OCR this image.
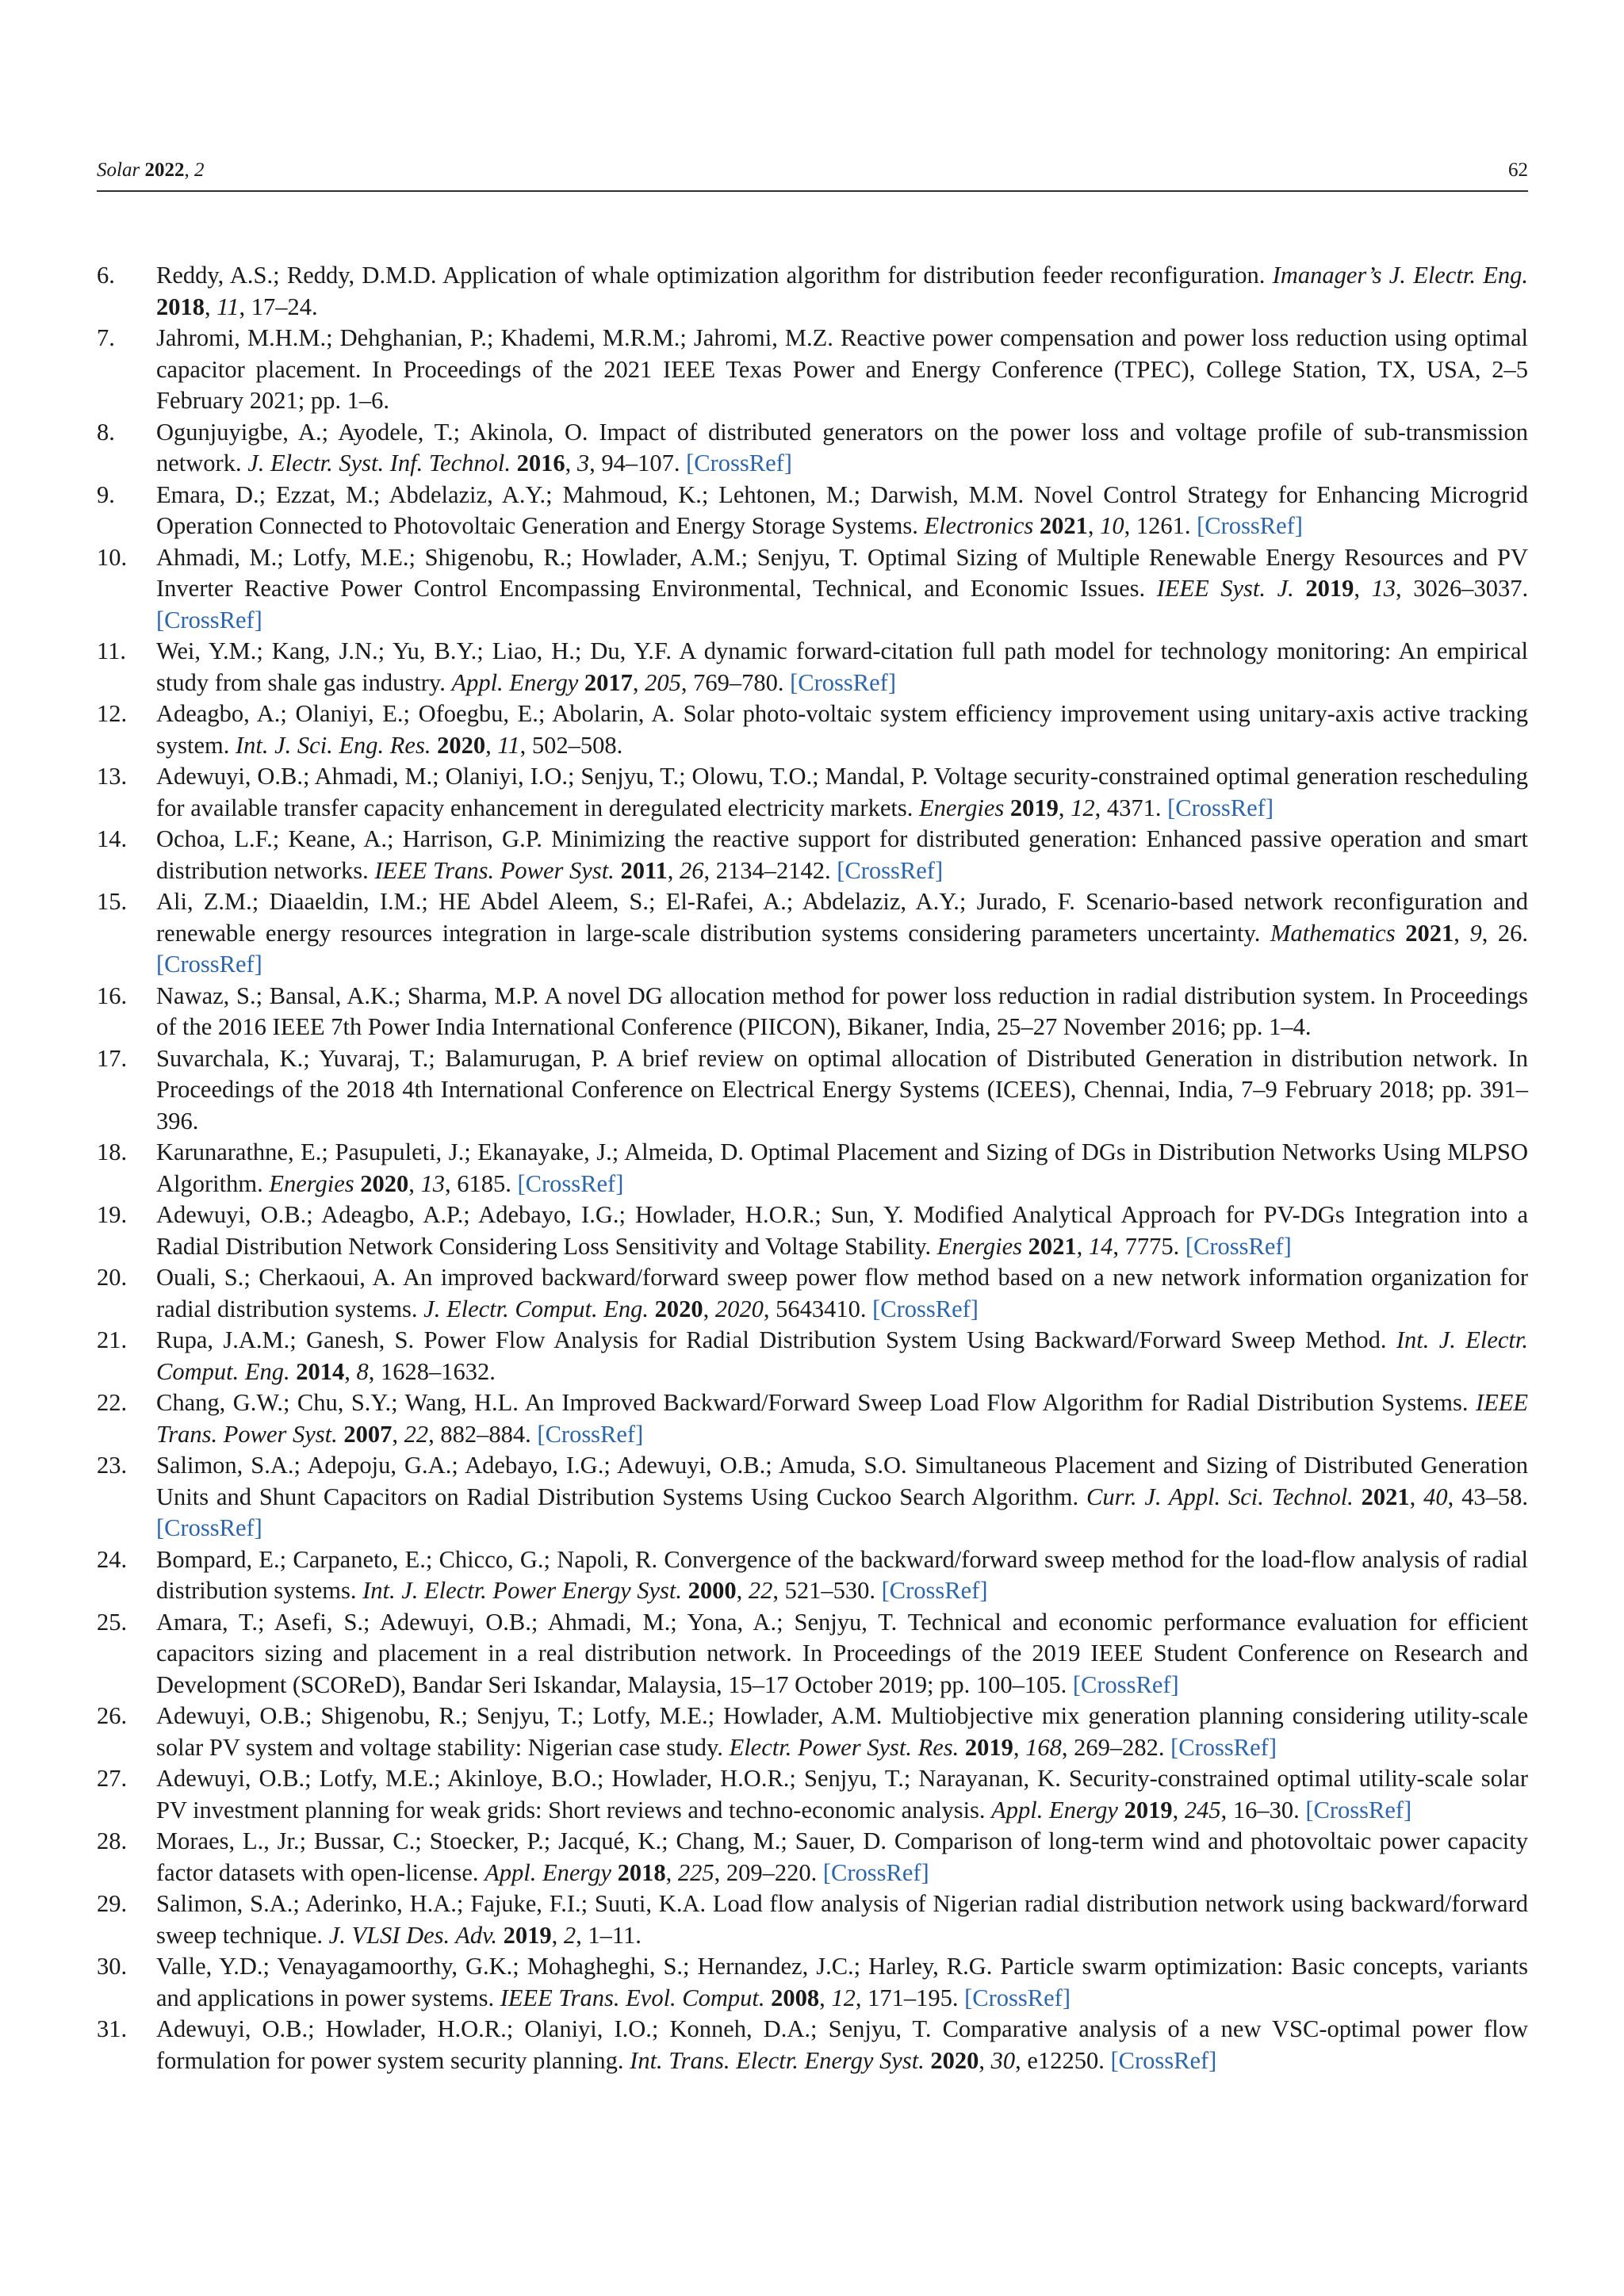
Solar 2022, 2	62
6.	Reddy, A.S.; Reddy, D.M.D. Application of whale optimization algorithm for distribution feeder reconfiguration. Imanager’s J. Electr. Eng. 2018, 11, 17–24.
7.	Jahromi, M.H.M.; Dehghanian, P.; Khademi, M.R.M.; Jahromi, M.Z. Reactive power compensation and power loss reduction using optimal capacitor placement. In Proceedings of the 2021 IEEE Texas Power and Energy Conference (TPEC), College Station, TX, USA, 2–5 February 2021; pp. 1–6.
8.	Ogunjuyigbe, A.; Ayodele, T.; Akinola, O. Impact of distributed generators on the power loss and voltage profile of sub-transmission network. J. Electr. Syst. Inf. Technol. 2016, 3, 94–107. [CrossRef]
9.	Emara, D.; Ezzat, M.; Abdelaziz, A.Y.; Mahmoud, K.; Lehtonen, M.; Darwish, M.M. Novel Control Strategy for Enhancing Microgrid Operation Connected to Photovoltaic Generation and Energy Storage Systems. Electronics 2021, 10, 1261. [CrossRef]
10.	Ahmadi, M.; Lotfy, M.E.; Shigenobu, R.; Howlader, A.M.; Senjyu, T. Optimal Sizing of Multiple Renewable Energy Resources and PV Inverter Reactive Power Control Encompassing Environmental, Technical, and Economic Issues. IEEE Syst. J. 2019, 13, 3026–3037. [CrossRef]
11.	Wei, Y.M.; Kang, J.N.; Yu, B.Y.; Liao, H.; Du, Y.F. A dynamic forward-citation full path model for technology monitoring: An empirical study from shale gas industry. Appl. Energy 2017, 205, 769–780. [CrossRef]
12.	Adeagbo, A.; Olaniyi, E.; Ofoegbu, E.; Abolarin, A. Solar photo-voltaic system efficiency improvement using unitary-axis active tracking system. Int. J. Sci. Eng. Res. 2020, 11, 502–508.
13.	Adewuyi, O.B.; Ahmadi, M.; Olaniyi, I.O.; Senjyu, T.; Olowu, T.O.; Mandal, P. Voltage security-constrained optimal generation rescheduling for available transfer capacity enhancement in deregulated electricity markets. Energies 2019, 12, 4371. [CrossRef]
14.	Ochoa, L.F.; Keane, A.; Harrison, G.P. Minimizing the reactive support for distributed generation: Enhanced passive operation and smart distribution networks. IEEE Trans. Power Syst. 2011, 26, 2134–2142. [CrossRef]
15.	Ali, Z.M.; Diaaeldin, I.M.; HE Abdel Aleem, S.; El-Rafei, A.; Abdelaziz, A.Y.; Jurado, F. Scenario-based network reconfiguration and renewable energy resources integration in large-scale distribution systems considering parameters uncertainty. Mathematics 2021, 9, 26. [CrossRef]
16.	Nawaz, S.; Bansal, A.K.; Sharma, M.P. A novel DG allocation method for power loss reduction in radial distribution system. In Proceedings of the 2016 IEEE 7th Power India International Conference (PIICON), Bikaner, India, 25–27 November 2016; pp. 1–4.
17.	Suvarchala, K.; Yuvaraj, T.; Balamurugan, P. A brief review on optimal allocation of Distributed Generation in distribution network. In Proceedings of the 2018 4th International Conference on Electrical Energy Systems (ICEES), Chennai, India, 7–9 February 2018; pp. 391–396.
18.	Karunarathne, E.; Pasupuleti, J.; Ekanayake, J.; Almeida, D. Optimal Placement and Sizing of DGs in Distribution Networks Using MLPSO Algorithm. Energies 2020, 13, 6185. [CrossRef]
19.	Adewuyi, O.B.; Adeagbo, A.P.; Adebayo, I.G.; Howlader, H.O.R.; Sun, Y. Modified Analytical Approach for PV-DGs Integration into a Radial Distribution Network Considering Loss Sensitivity and Voltage Stability. Energies 2021, 14, 7775. [CrossRef]
20.	Ouali, S.; Cherkaoui, A. An improved backward/forward sweep power flow method based on a new network information organization for radial distribution systems. J. Electr. Comput. Eng. 2020, 2020, 5643410. [CrossRef]
21.	Rupa, J.A.M.; Ganesh, S. Power Flow Analysis for Radial Distribution System Using Backward/Forward Sweep Method. Int. J. Electr. Comput. Eng. 2014, 8, 1628–1632.
22.	Chang, G.W.; Chu, S.Y.; Wang, H.L. An Improved Backward/Forward Sweep Load Flow Algorithm for Radial Distribution Systems. IEEE Trans. Power Syst. 2007, 22, 882–884. [CrossRef]
23.	Salimon, S.A.; Adepoju, G.A.; Adebayo, I.G.; Adewuyi, O.B.; Amuda, S.O. Simultaneous Placement and Sizing of Distributed Generation Units and Shunt Capacitors on Radial Distribution Systems Using Cuckoo Search Algorithm. Curr. J. Appl. Sci. Technol. 2021, 40, 43–58. [CrossRef]
24.	Bompard, E.; Carpaneto, E.; Chicco, G.; Napoli, R. Convergence of the backward/forward sweep method for the load-flow analysis of radial distribution systems. Int. J. Electr. Power Energy Syst. 2000, 22, 521–530. [CrossRef]
25.	Amara, T.; Asefi, S.; Adewuyi, O.B.; Ahmadi, M.; Yona, A.; Senjyu, T. Technical and economic performance evaluation for efficient capacitors sizing and placement in a real distribution network. In Proceedings of the 2019 IEEE Student Conference on Research and Development (SCOReD), Bandar Seri Iskandar, Malaysia, 15–17 October 2019; pp. 100–105. [CrossRef]
26.	Adewuyi, O.B.; Shigenobu, R.; Senjyu, T.; Lotfy, M.E.; Howlader, A.M. Multiobjective mix generation planning considering utility-scale solar PV system and voltage stability: Nigerian case study. Electr. Power Syst. Res. 2019, 168, 269–282. [CrossRef]
27.	Adewuyi, O.B.; Lotfy, M.E.; Akinloye, B.O.; Howlader, H.O.R.; Senjyu, T.; Narayanan, K. Security-constrained optimal utility-scale solar PV investment planning for weak grids: Short reviews and techno-economic analysis. Appl. Energy 2019, 245, 16–30. [CrossRef]
28.	Moraes, L., Jr.; Bussar, C.; Stoecker, P.; Jacqué, K.; Chang, M.; Sauer, D. Comparison of long-term wind and photovoltaic power capacity factor datasets with open-license. Appl. Energy 2018, 225, 209–220. [CrossRef]
29.	Salimon, S.A.; Aderinko, H.A.; Fajuke, F.I.; Suuti, K.A. Load flow analysis of Nigerian radial distribution network using backward/forward sweep technique. J. VLSI Des. Adv. 2019, 2, 1–11.
30.	Valle, Y.D.; Venayagamoorthy, G.K.; Mohagheghi, S.; Hernandez, J.C.; Harley, R.G. Particle swarm optimization: Basic concepts, variants and applications in power systems. IEEE Trans. Evol. Comput. 2008, 12, 171–195. [CrossRef]
31.	Adewuyi, O.B.; Howlader, H.O.R.; Olaniyi, I.O.; Konneh, D.A.; Senjyu, T. Comparative analysis of a new VSC-optimal power flow formulation for power system security planning. Int. Trans. Electr. Energy Syst. 2020, 30, e12250. [CrossRef]
